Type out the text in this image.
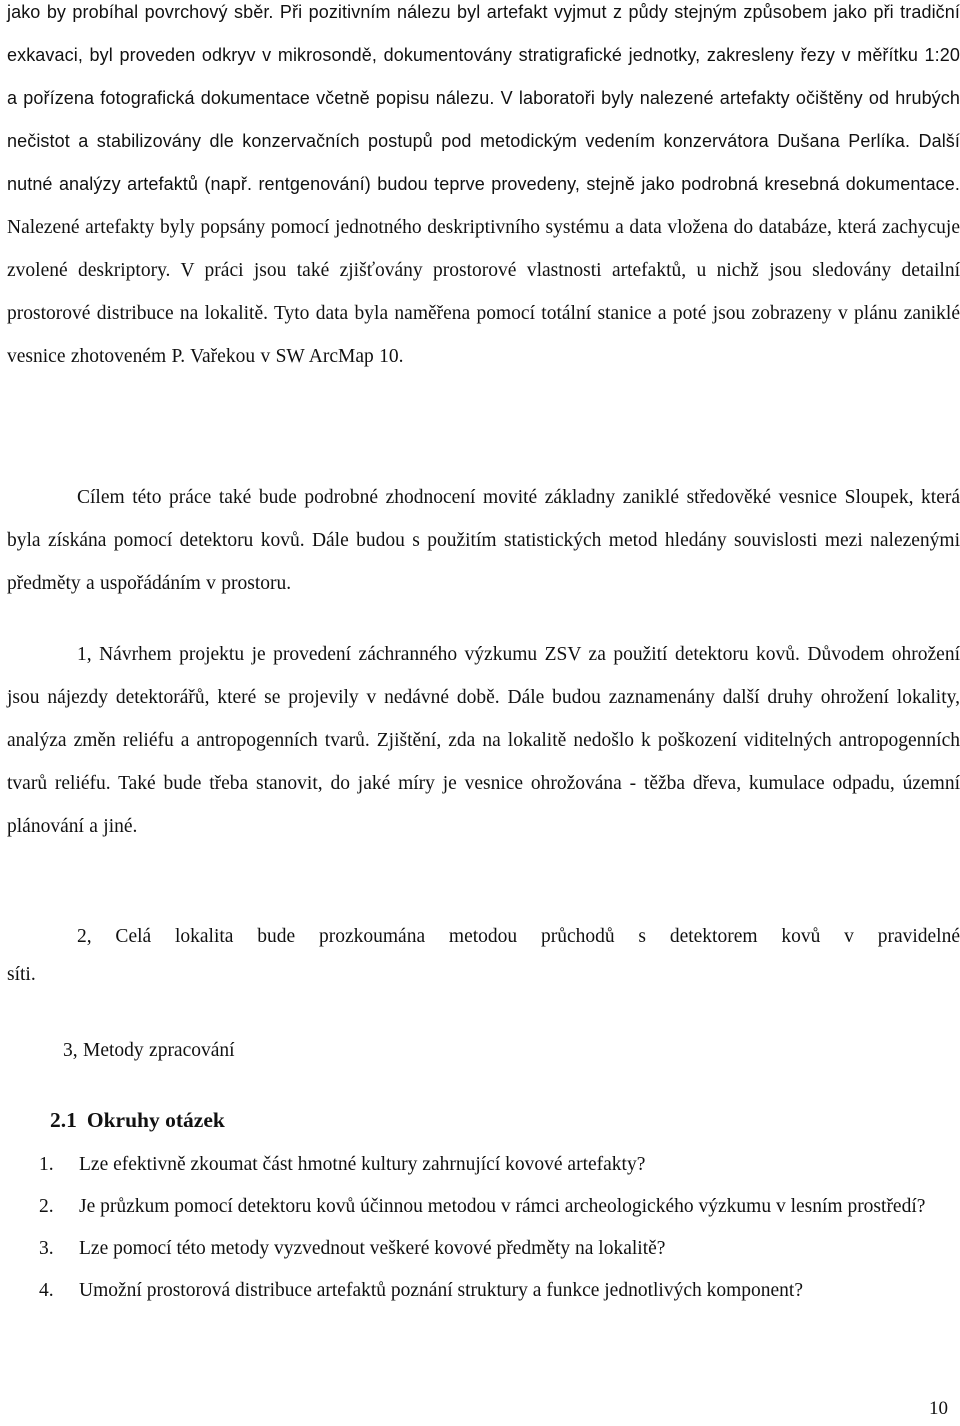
jako by probíhal povrchový sběr. Při pozitivním nálezu byl artefakt vyjmut z půdy stejným způsobem jako při tradiční exkavaci, byl proveden odkryv v mikrosondě, dokumentovány stratigrafické jednotky, zakresleny řezy v měřítku 1:20 a pořízena fotografická dokumentace včetně popisu nálezu. V laboratoři byly nalezené artefakty očištěny od hrubých nečistot a stabilizovány dle konzervačních postupů pod metodickým vedením konzervátora Dušana Perlíka. Další nutné analýzy artefaktů (např. rentgenování) budou teprve provedeny, stejně jako podrobná kresebná dokumentace. Nalezené artefakty byly popsány pomocí jednotného deskriptivního systému a data vložena do databáze, která zachycuje zvolené deskriptory. V práci jsou také zjišťovány prostorové vlastnosti artefaktů, u nichž jsou sledovány detailní prostorové distribuce na lokalitě. Tyto data byla naměřena pomocí totální stanice a poté jsou zobrazeny v plánu zaniklé vesnice zhotoveném P. Vařekou v SW ArcMap 10.

Cílem této práce také bude podrobné zhodnocení movité základny zaniklé středověké vesnice Sloupek, která byla získána pomocí detektoru kovů. Dále budou s použitím statistických metod hledány souvislosti mezi nalezenými předměty a uspořádáním v prostoru.

1, Návrhem projektu je provedení záchranného výzkumu ZSV za použití detektoru kovů. Důvodem ohrožení jsou nájezdy detektorářů, které se projevily v nedávné době. Dále budou zaznamenány další druhy ohrožení lokality, analýza změn reliéfu a antropogenních tvarů. Zjištění, zda na lokalitě nedošlo k poškození viditelných antropogenních tvarů reliéfu. Také bude třeba stanovit, do jaké míry je vesnice ohrožována - těžba dřeva, kumulace odpadu, územní plánování a jiné.

2, Celá lokalita bude prozkoumána metodou průchodů s detektorem kovů v pravidelné
síti.

3, Metody zpracování

2.1 Okruhy otázek
1. Lze efektivně zkoumat část hmotné kultury zahrnující kovové artefakty?
2. Je průzkum pomocí detektoru kovů účinnou metodou v rámci archeologického výzkumu v lesním prostředí?
3. Lze pomocí této metody vyzvednout veškeré kovové předměty na lokalitě?
4. Umožní prostorová distribuce artefaktů poznání struktury a funkce jednotlivých komponent?
10
